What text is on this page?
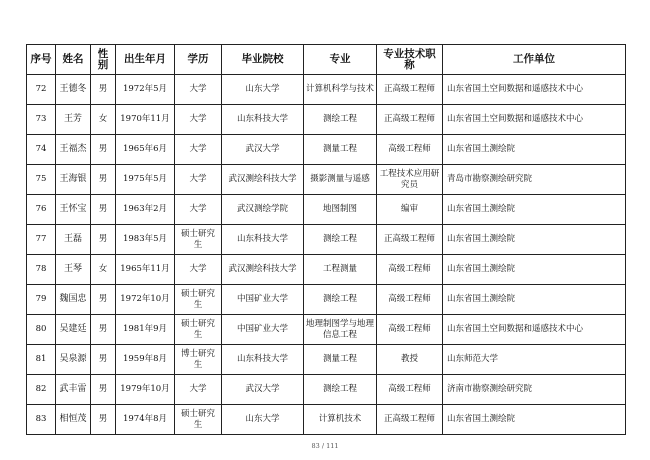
序号	姓名	性别	出生年月	学历	毕业院校	专业	专业技术职称	工作单位
72	王德冬	男	1972年5月	大学	山东大学	计算机科学与技术	正高级工程师	山东省国土空间数据和遥感技术中心
73	王芳	女	1970年11月	大学	山东科技大学	测绘工程	正高级工程师	山东省国土空间数据和遥感技术中心
74	王福杰	男	1965年6月	大学	武汉大学	测量工程	高级工程师	山东省国土测绘院
75	王海银	男	1975年5月	大学	武汉测绘科技大学	摄影测量与遥感	工程技术应用研究员	青岛市勘察测绘研究院
76	王怀宝	男	1963年2月	大学	武汉测绘学院	地图制图	编审	山东省国土测绘院
77	王磊	男	1983年5月	硕士研究生	山东科技大学	测绘工程	正高级工程师	山东省国土测绘院
78	王琴	女	1965年11月	大学	武汉测绘科技大学	工程测量	高级工程师	山东省国土测绘院
79	魏国忠	男	1972年10月	硕士研究生	中国矿业大学	测绘工程	高级工程师	山东省国土测绘院
80	吴建廷	男	1981年9月	硕士研究生	中国矿业大学	地理制图学与地理信息工程	高级工程师	山东省国土空间数据和遥感技术中心
81	吴泉源	男	1959年8月	博士研究生	山东科技大学	测量工程	教授	山东师范大学
82	武丰雷	男	1979年10月	大学	武汉大学	测绘工程	高级工程师	济南市勘察测绘研究院
83	相恒茂	男	1974年8月	硕士研究生	山东大学	计算机技术	正高级工程师	山东省国土测绘院
83 / 111
